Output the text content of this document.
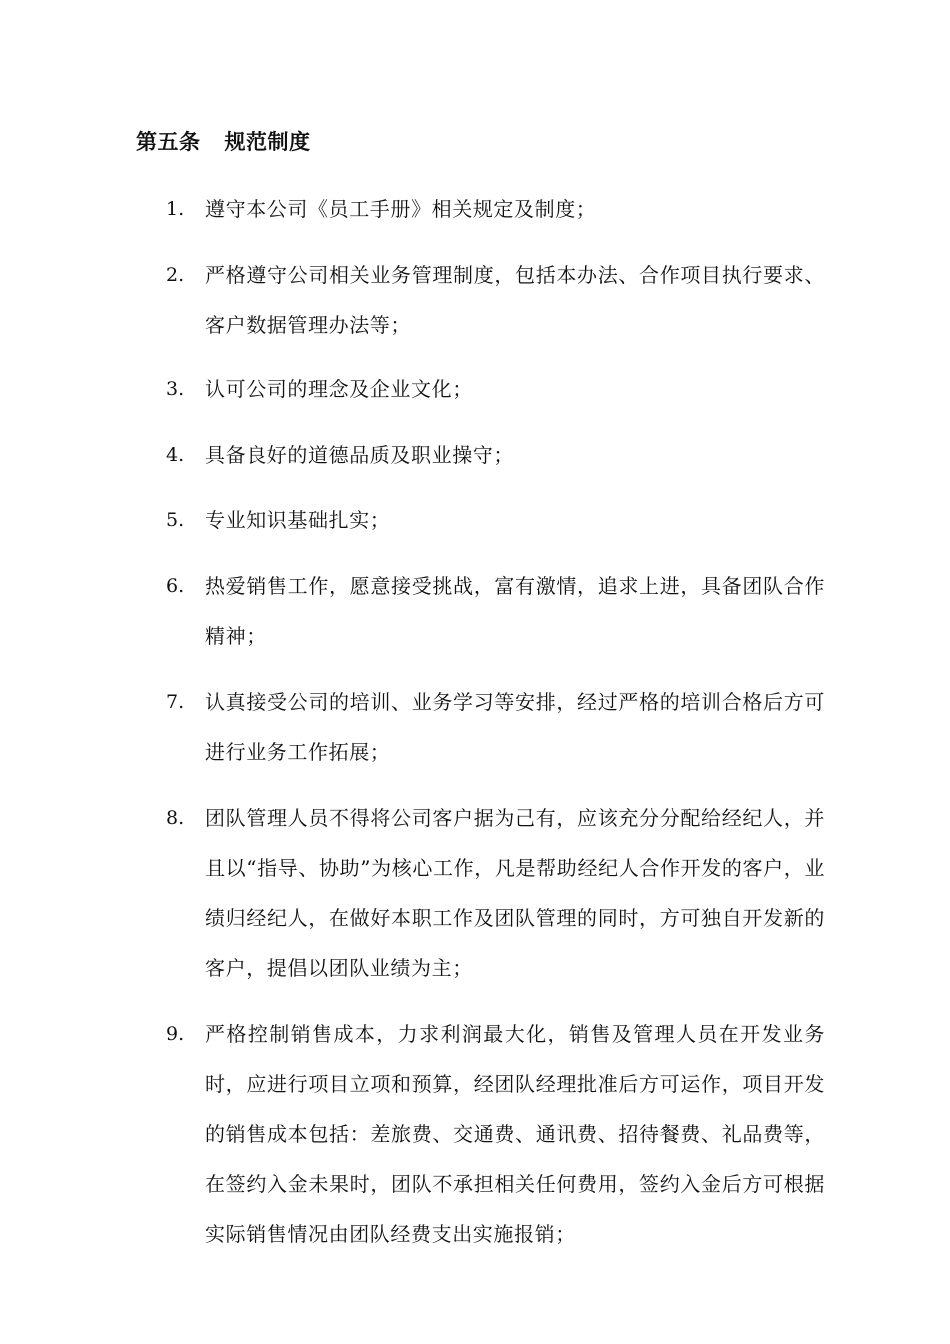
第五条 规范制度
1.	遵守本公司《员工手册》相关规定及制度；
2.	严格遵守公司相关业务管理制度，包括本办法、合作项目执行要求、客户数据管理办法等；
3.	认可公司的理念及企业文化；
4.	具备良好的道德品质及职业操守；
5.	专业知识基础扎实；
6.	热爱销售工作，愿意接受挑战，富有激情，追求上进，具备团队合作精神；
7.	认真接受公司的培训、业务学习等安排，经过严格的培训合格后方可进行业务工作拓展；
8.	团队管理人员不得将公司客户据为己有，应该充分分配给经纪人，并且以“指导、协助”为核心工作，凡是帮助经纪人合作开发的客户，业绩归经纪人，在做好本职工作及团队管理的同时，方可独自开发新的客户，提倡以团队业绩为主；
9.	严格控制销售成本，力求利润最大化，销售及管理人员在开发业务时，应进行项目立项和预算，经团队经理批准后方可运作，项目开发的销售成本包括：差旅费、交通费、通讯费、招待餐费、礼品费等，在签约入金未果时，团队不承担相关任何费用，签约入金后方可根据实际销售情况由团队经费支出实施报销；
